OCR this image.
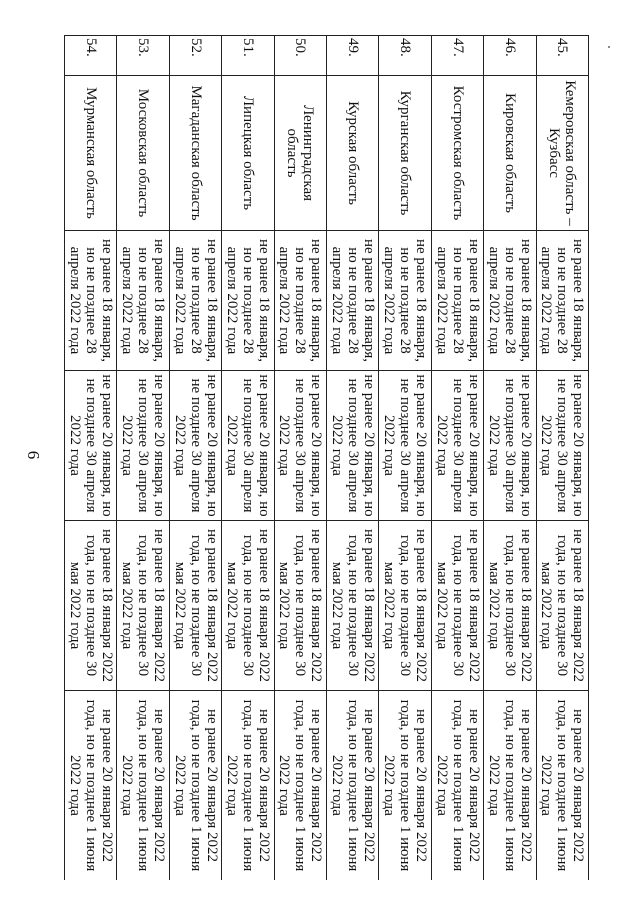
6
45.	Кемеровская область – Кузбасс	не ранее 18 января, но не позднее 28 апреля 2022 года	не ранее 20 января, но не позднее 30 апреля 2022 года	не ранее 18 января 2022 года, но не позднее 30 мая 2022 года	не ранее 20 января 2022 года, но не позднее 1 июня 2022 года
46.	Кировская область	не ранее 18 января, но не позднее 28 апреля 2022 года	не ранее 20 января, но не позднее 30 апреля 2022 года	не ранее 18 января 2022 года, но не позднее 30 мая 2022 года	не ранее 20 января 2022 года, но не позднее 1 июня 2022 года
47.	Костромская область	не ранее 18 января, но не позднее 28 апреля 2022 года	не ранее 20 января, но не позднее 30 апреля 2022 года	не ранее 18 января 2022 года, но не позднее 30 мая 2022 года	не ранее 20 января 2022 года, но не позднее 1 июня 2022 года
48.	Курганская область	не ранее 18 января, но не позднее 28 апреля 2022 года	не ранее 20 января, но не позднее 30 апреля 2022 года	не ранее 18 января 2022 года, но не позднее 30 мая 2022 года	не ранее 20 января 2022 года, но не позднее 1 июня 2022 года
49.	Курская область	не ранее 18 января, но не позднее 28 апреля 2022 года	не ранее 20 января, но не позднее 30 апреля 2022 года	не ранее 18 января 2022 года, но не позднее 30 мая 2022 года	не ранее 20 января 2022 года, но не позднее 1 июня 2022 года
50.	Ленинградская область	не ранее 18 января, но не позднее 28 апреля 2022 года	не ранее 20 января, но не позднее 30 апреля 2022 года	не ранее 18 января 2022 года, но не позднее 30 мая 2022 года	не ранее 20 января 2022 года, но не позднее 1 июня 2022 года
51.	Липецкая область	не ранее 18 января, но не позднее 28 апреля 2022 года	не ранее 20 января, но не позднее 30 апреля 2022 года	не ранее 18 января 2022 года, но не позднее 30 мая 2022 года	не ранее 20 января 2022 года, но не позднее 1 июня 2022 года
52.	Магаданская область	не ранее 18 января, но не позднее 28 апреля 2022 года	не ранее 20 января, но не позднее 30 апреля 2022 года	не ранее 18 января 2022 года, но не позднее 30 мая 2022 года	не ранее 20 января 2022 года, но не позднее 1 июня 2022 года
53.	Московская область	не ранее 18 января, но не позднее 28 апреля 2022 года	не ранее 20 января, но не позднее 30 апреля 2022 года	не ранее 18 января 2022 года, но не позднее 30 мая 2022 года	не ранее 20 января 2022 года, но не позднее 1 июня 2022 года
54.	Мурманская область	не ранее 18 января, но не позднее 28 апреля 2022 года	не ранее 20 января, но не позднее 30 апреля 2022 года	не ранее 18 января 2022 года, но не позднее 30 мая 2022 года	не ранее 20 января 2022 года, но не позднее 1 июня 2022 года
